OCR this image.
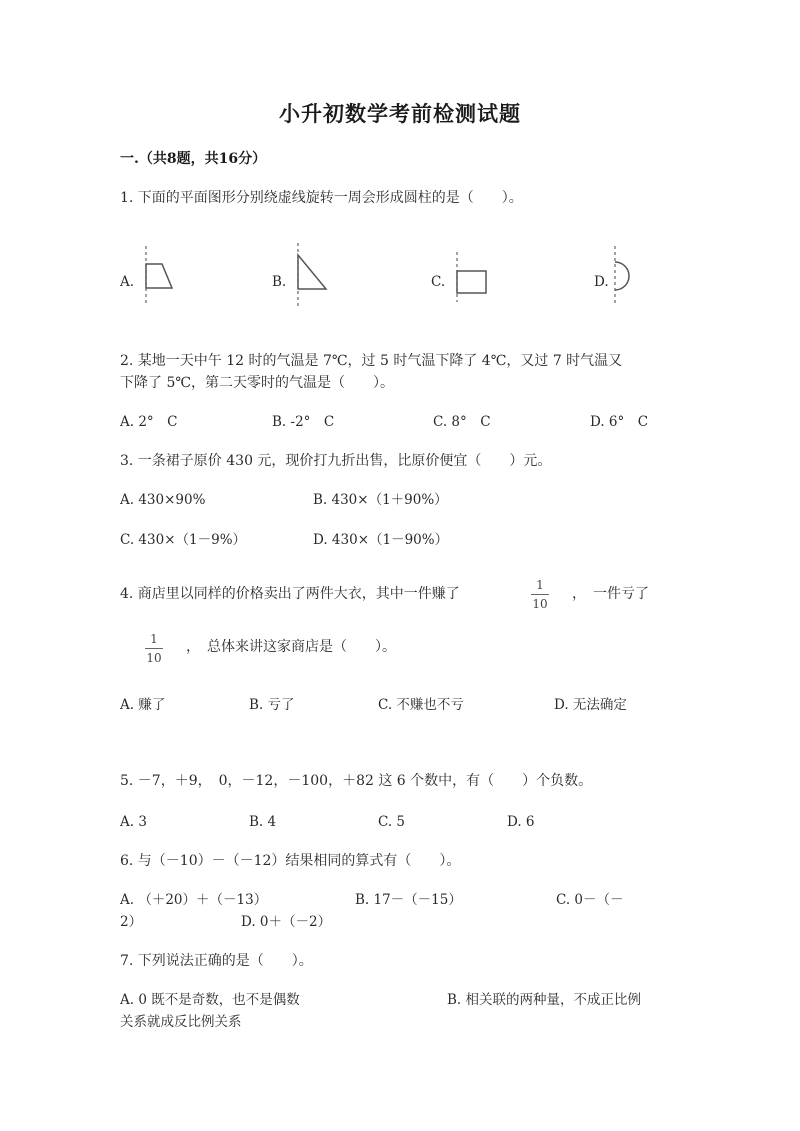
小升初数学考前检测试题
一.（共8题，共16分）
1. 下面的平面图形分别绕虚线旋转一周会形成圆柱的是（　　）。
A.	B.	C.	D.
2. 某地一天中午 12 时的气温是 7℃，过 5 时气温下降了 4℃，又过 7 时气温又
下降了 5℃，第二天零时的气温是（　　）。
A. 2°　C	B. -2°　C	C. 8°　C	D. 6°　C
3. 一条裙子原价 430 元，现价打九折出售，比原价便宜（　　）元。
A. 430×90%	B. 430×（1＋90%）
C. 430×（1－9%）	D. 430×（1－90%）
4. 商店里以同样的价格卖出了两件大衣，其中一件赚了
1
10
，　一件亏了
1
10
，　总体来讲这家商店是（　　）。
A. 赚了	B. 亏了	C. 不赚也不亏	D. 无法确定
5. －7，＋9，　0，－12，－100，＋82 这 6 个数中，有（　　）个负数。
A. 3	B. 4	C. 5	D. 6
6. 与（－10）－（－12）结果相同的算式有（　　）。
A. （＋20）＋（－13）	B. 17－（－15）	C. 0－（－
2）	D. 0＋（－2）
7. 下列说法正确的是（　　）。
A. 0 既不是奇数，也不是偶数	B. 相关联的两种量，不成正比例
关系就成反比例关系
